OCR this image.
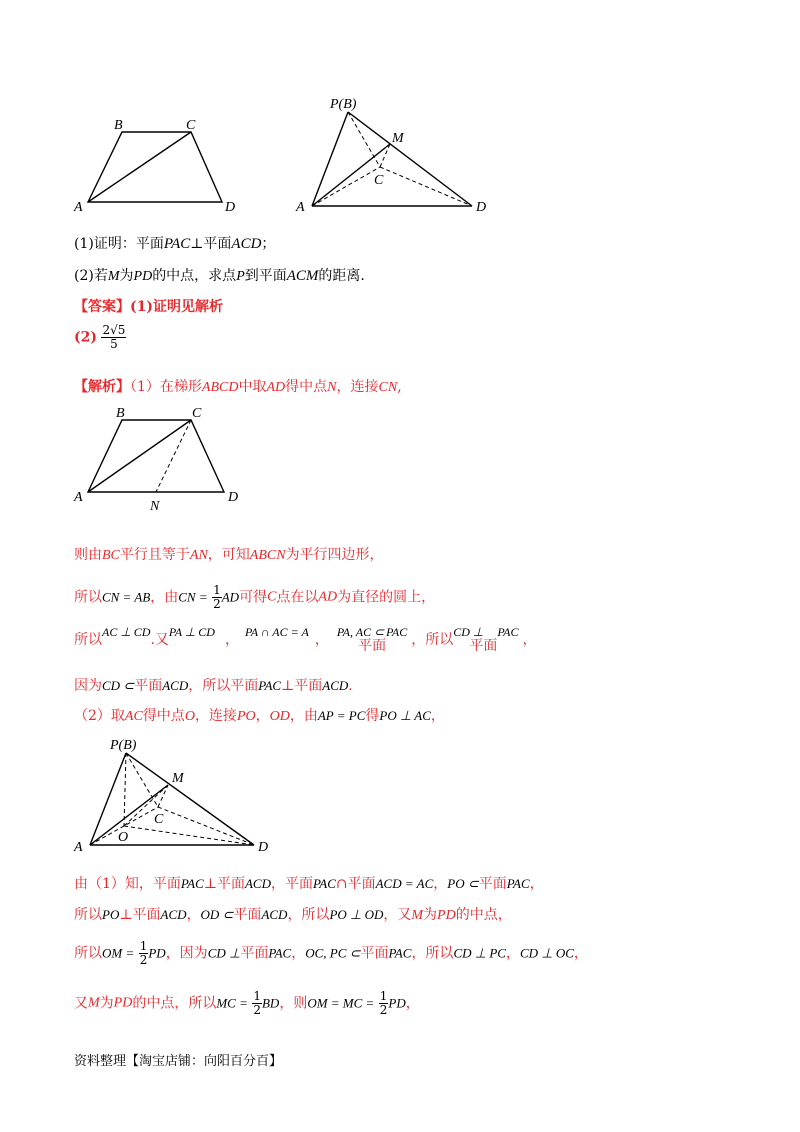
B	C
A	D
P(B)
M
C
A	D
(1)证明：平面PAC⊥平面ACD；
(2)若M为PD的中点，求点P到平面ACM的距离.
【答案】(1)证明见解析
$(2) \frac{2√5}{5}$
【解析】（1）在梯形ABCD中取AD得中点N，连接CN,
B	C
A	D
N
则由BC平行且等于AN，可知ABCN为平行四边形，
所以CN = AB，由CN = $\frac{1}{2}$ AD可得C点在以AD为直径的圆上，
所以AC ⊥ CD.又PA ⊥ CD ， PA ∩ AC = A ， PA, AC ⊂平面PAC ，所以CD ⊥平面PAC ，
因为CD ⊂平面ACD，所以平面PAC⊥平面ACD.
（2）取AC得中点O，连接PO，OD，由AP = PC得PO ⊥ AC，
P(B)
M
O
C
A	D
由（1）知，平面PAC⊥平面ACD，平面PAC∩平面ACD = AC，PO ⊂平面PAC，
所以PO⊥平面ACD，OD ⊂平面ACD，所以PO ⊥ OD，又M为PD的中点，
所以OM = $\frac{1}{2}$ PD，因为CD ⊥平面PAC，OC, PC ⊂平面PAC，所以CD ⊥ PC，CD ⊥ OC，
又M为PD的中点，所以MC = $\frac{1}{2}$ BD，则OM = MC = $\frac{1}{2}$ PD，
资料整理【淘宝店铺：向阳百分百】
